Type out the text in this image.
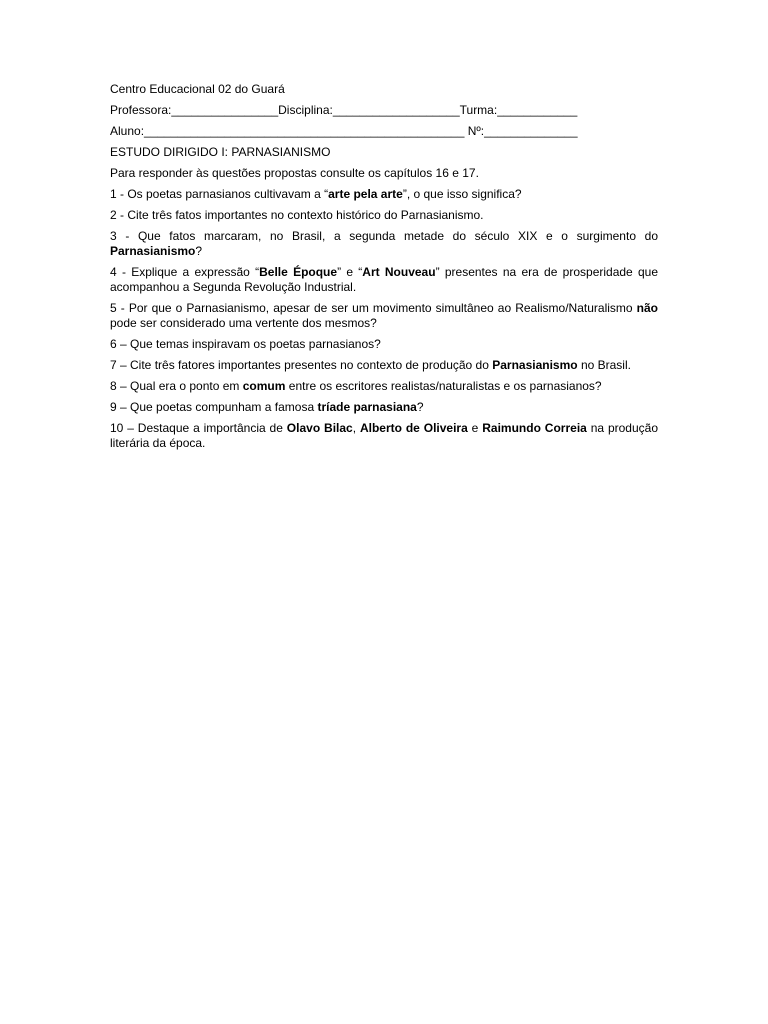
Centro Educacional 02 do Guará
Professora:________________Disciplina:___________________Turma:____________
Aluno:________________________________________________ Nº:______________
ESTUDO DIRIGIDO I: PARNASIANISMO
Para responder às questões propostas consulte os capítulos 16 e 17.
1 - Os poetas parnasianos cultivavam a “arte pela arte”, o que isso significa?
2 - Cite três fatos importantes no contexto histórico do Parnasianismo.
3 - Que fatos marcaram, no Brasil, a segunda metade do século XIX e o surgimento do Parnasianismo?
4 - Explique a expressão “Belle Époque” e “Art Nouveau” presentes na era de prosperidade que acompanhou a Segunda Revolução Industrial.
5 - Por que o Parnasianismo, apesar de ser um movimento simultâneo ao Realismo/Naturalismo não pode ser considerado uma vertente dos mesmos?
6 – Que temas inspiravam os poetas parnasianos?
7 – Cite três fatores importantes presentes no contexto de produção do Parnasianismo no Brasil.
8 – Qual era o ponto em comum entre os escritores realistas/naturalistas e os parnasianos?
9 – Que poetas compunham a famosa tríade parnasiana?
10 – Destaque a importância de Olavo Bilac, Alberto de Oliveira e Raimundo Correia na produção literária da época.
